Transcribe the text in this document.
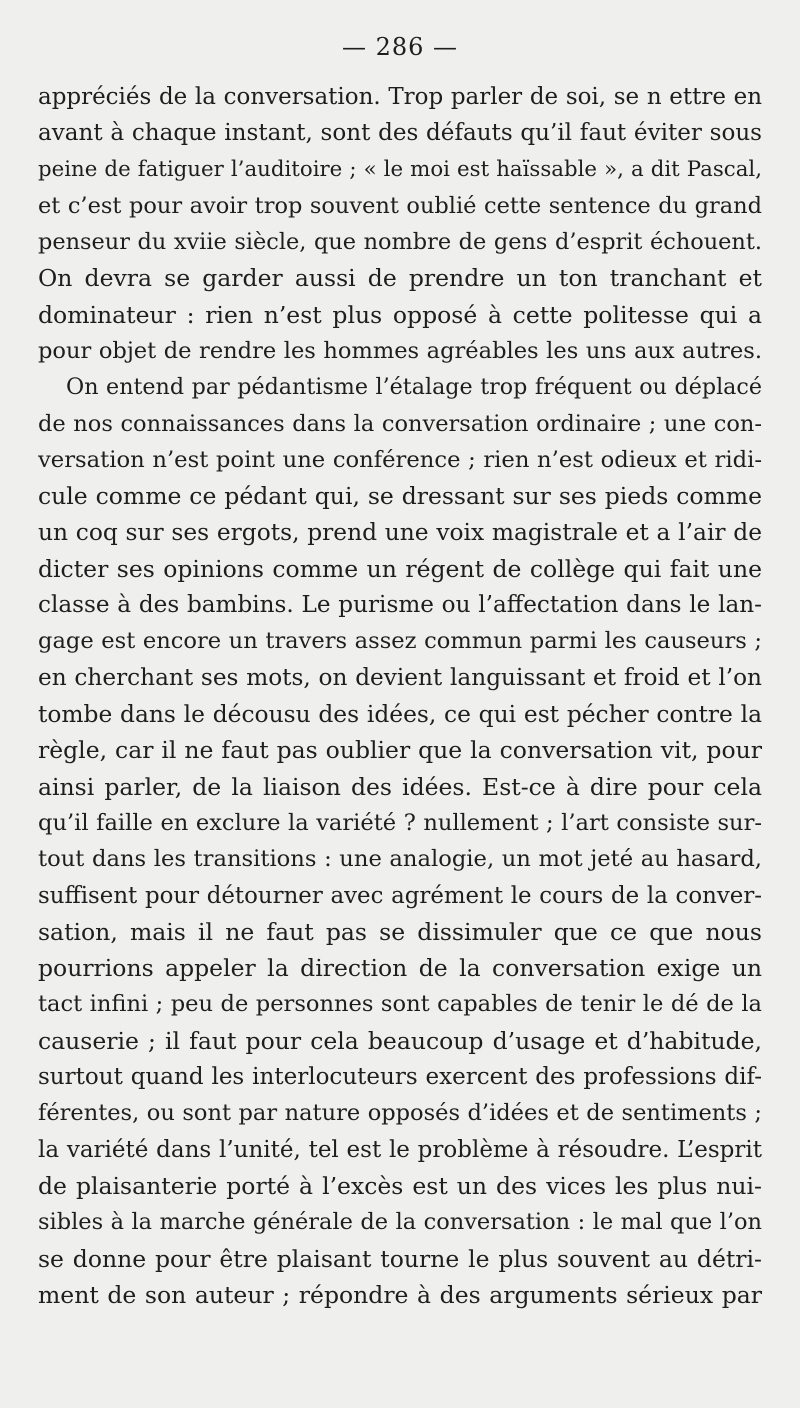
— 286 —
appréciés de la conversation. Trop parler de soi, se n ettre en
avant à chaque instant, sont des défauts qu’il faut éviter sous
peine de fatiguer l’auditoire ; « le moi est haïssable », a dit Pascal,
et c’est pour avoir trop souvent oublié cette sentence du grand
penseur du xviie siècle, que nombre de gens d’esprit échouent.
On devra se garder aussi de prendre un ton tranchant et
dominateur : rien n’est plus opposé à cette politesse qui a
pour objet de rendre les hommes agréables les uns aux autres.
On entend par pédantisme l’étalage trop fréquent ou déplacé
de nos connaissances dans la conversation ordinaire ; une con-
versation n’est point une conférence ; rien n’est odieux et ridi-
cule comme ce pédant qui, se dressant sur ses pieds comme
un coq sur ses ergots, prend une voix magistrale et a l’air de
dicter ses opinions comme un régent de collège qui fait une
classe à des bambins. Le purisme ou l’affectation dans le lan-
gage est encore un travers assez commun parmi les causeurs ;
en cherchant ses mots, on devient languissant et froid et l’on
tombe dans le décousu des idées, ce qui est pécher contre la
règle, car il ne faut pas oublier que la conversation vit, pour
ainsi parler, de la liaison des idées. Est-ce à dire pour cela
qu’il faille en exclure la variété ? nullement ; l’art consiste sur-
tout dans les transitions : une analogie, un mot jeté au hasard,
suffisent pour détourner avec agrément le cours de la conver-
sation, mais il ne faut pas se dissimuler que ce que nous
pourrions appeler la direction de la conversation exige un
tact infini ; peu de personnes sont capables de tenir le dé de la
causerie ; il faut pour cela beaucoup d’usage et d’habitude,
surtout quand les interlocuteurs exercent des professions dif-
férentes, ou sont par nature opposés d’idées et de sentiments ;
la variété dans l’unité, tel est le problème à résoudre. L’esprit
de plaisanterie porté à l’excès est un des vices les plus nui-
sibles à la marche générale de la conversation : le mal que l’on
se donne pour être plaisant tourne le plus souvent au détri-
ment de son auteur ; répondre à des arguments sérieux par
